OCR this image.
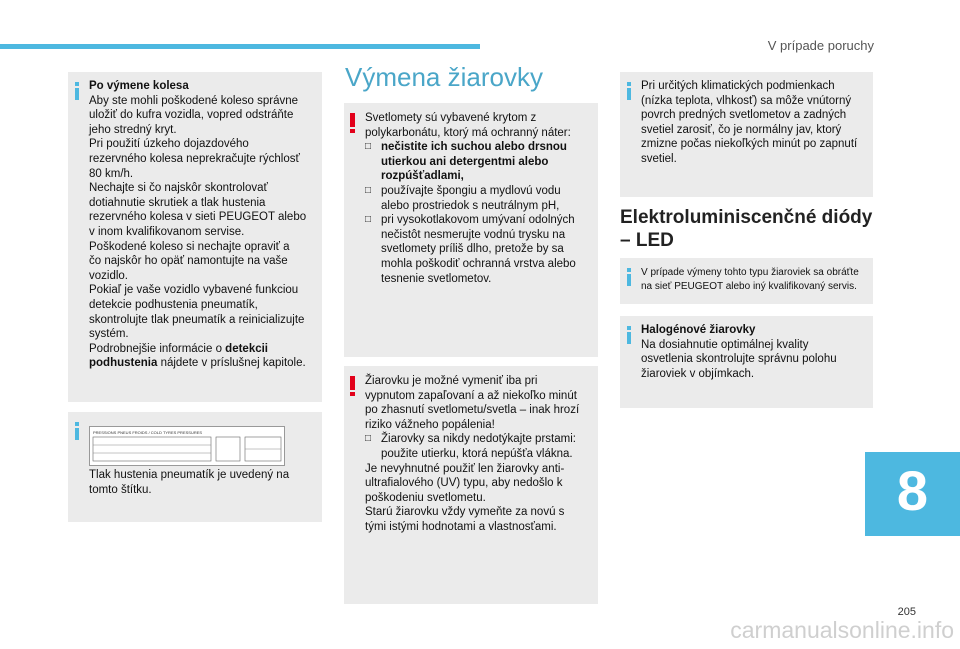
V prípade poruchy

Po výmene kolesa

Aby ste mohli poškodené koleso správne

uložiť do kufra vozidla, vopred odstráňte

jeho stredný kryt.

Pri použití úzkeho dojazdového

rezervného kolesa neprekračujte rýchlosť

80 km/h.

Nechajte si čo najskôr skontrolovať

dotiahnutie skrutiek a tlak hustenia

rezervného kolesa v sieti PEUGEOT alebo

v inom kvalifikovanom servise.

Poškodené koleso si nechajte opraviť a

čo najskôr ho opäť namontujte na vaše

vozidlo.

Pokiaľ je vaše vozidlo vybavené funkciou

detekcie podhustenia pneumatík,

skontrolujte tlak pneumatík a reinicializujte

systém.

Podrobnejšie informácie o detekcii

podhustenia nájdete v príslušnej kapitole.

PRESSIONS PNEUS FROIDS / COLD TYRES PRESSURES

Tlak hustenia pneumatík je uvedený na

tomto štítku.

Výmena žiarovky

Svetlomety sú vybavené krytom z

polykarbonátu, ktorý má ochranný náter:

□ nečistite ich suchou alebo drsnou

utierkou ani detergentmi alebo

rozpúšťadlami,

□ používajte špongiu a mydlovú vodu

alebo prostriedok s neutrálnym pH,

□ pri vysokotlakovom umývaní odolných

nečistôt nesmerujte vodnú trysku na

svetlomety príliš dlho, pretože by sa

mohla poškodiť ochranná vrstva alebo

tesnenie svetlometov.

Žiarovku je možné vymeniť iba pri

vypnutom zapaľovaní a až niekoľko minút

po zhasnutí svetlometu/svetla – inak hrozí

riziko vážneho popálenia!

□ Žiarovky sa nikdy nedotýkajte prstami:

použite utierku, ktorá nepúšťa vlákna.

Je nevyhnutné použiť len žiarovky anti-

ultrafialového (UV) typu, aby nedošlo k

poškodeniu svetlometu.

Starú žiarovku vždy vymeňte za novú s

tými istými hodnotami a vlastnosťami.

Pri určitých klimatických podmienkach

(nízka teplota, vlhkosť) sa môže vnútorný

povrch predných svetlometov a zadných

svetiel zarosiť, čo je normálny jav, ktorý

zmizne počas niekoľkých minút po zapnutí

svetiel.

Elektroluminiscenčné diódy
– LED

V prípade výmeny tohto typu žiaroviek sa obráťte

na sieť PEUGEOT alebo iný kvalifikovaný servis.

Halogénové žiarovky

Na dosiahnutie optimálnej kvality

osvetlenia skontrolujte správnu polohu

žiaroviek v objímkach.

8
205
carmanualsonline.info
